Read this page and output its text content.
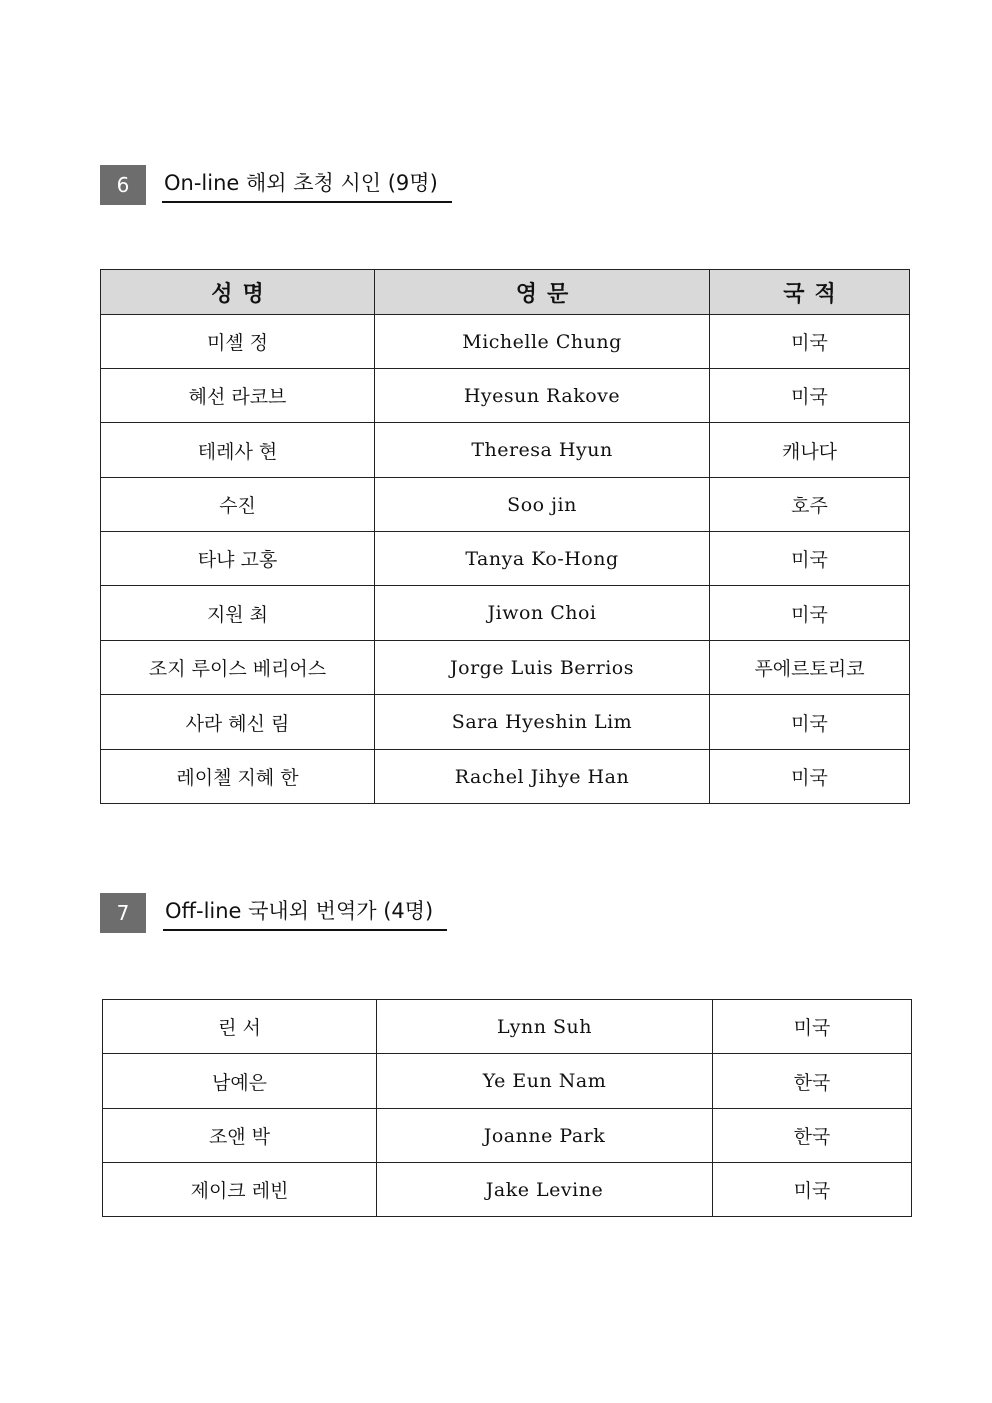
6	On-line 해외 초청 시인 (9명)
성명	영문	국적
미셸 정	Michelle Chung	미국
혜선 라코브	Hyesun Rakove	미국
테레사 현	Theresa Hyun	캐나다
수진	Soo jin	호주
타냐 고홍	Tanya Ko-Hong	미국
지원 최	Jiwon Choi	미국
조지 루이스 베리어스	Jorge Luis Berrios	푸에르토리코
사라 혜신 림	Sara Hyeshin Lim	미국
레이첼 지혜 한	Rachel Jihye Han	미국
7	Off-line 국내외 번역가 (4명)
린 서	Lynn Suh	미국
남예은	Ye Eun Nam	한국
조앤 박	Joanne Park	한국
제이크 레빈	Jake Levine	미국
